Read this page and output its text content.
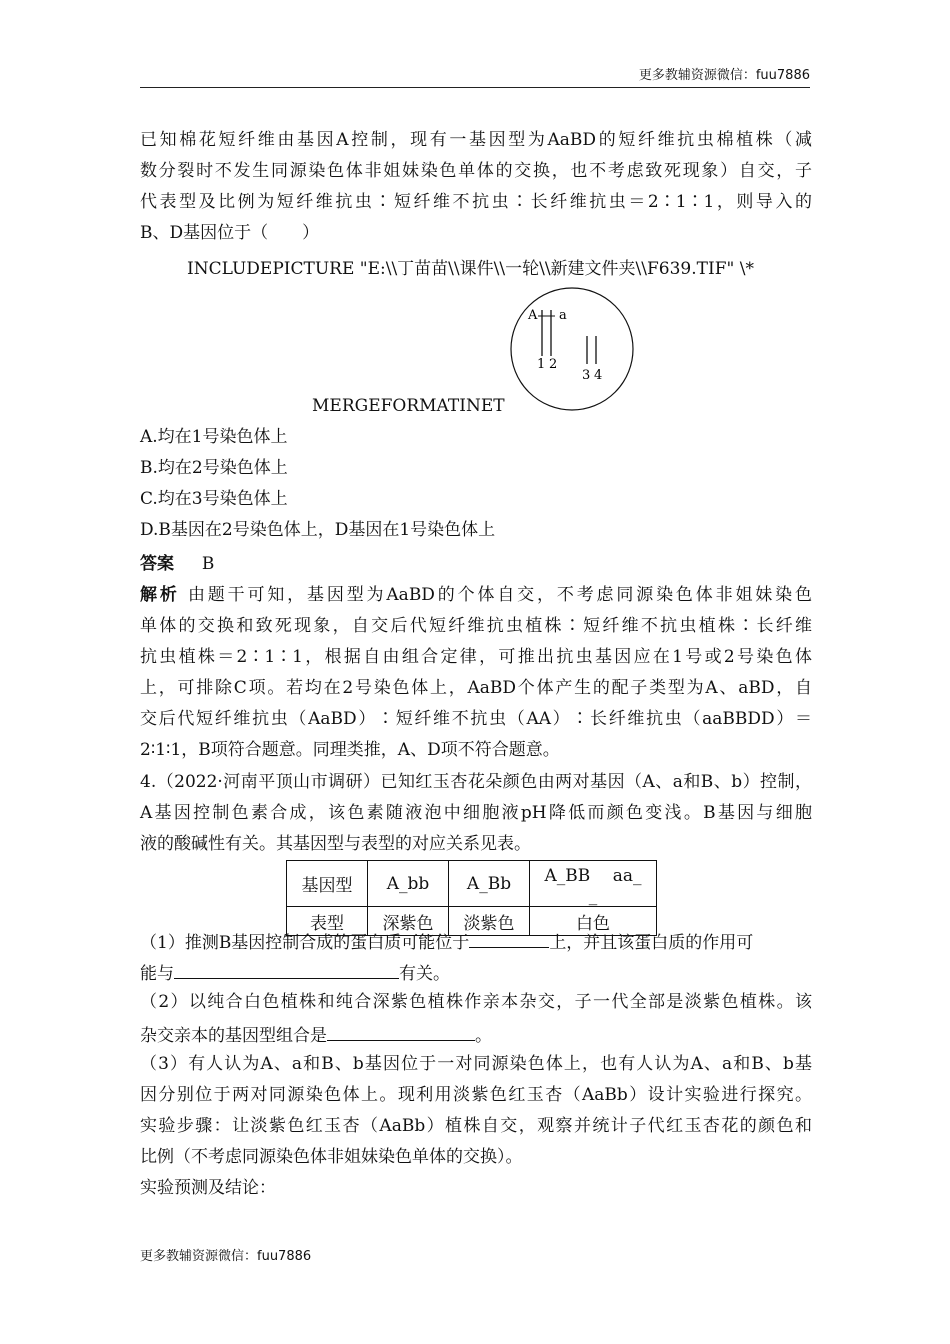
更多教辅资源微信：fuu7886
已知棉花短纤维由基因A控制，现有一基因型为AaBD的短纤维抗虫棉植株（减
数分裂时不发生同源染色体非姐妹染色单体的交换，也不考虑致死现象）自交，子
代表型及比例为短纤维抗虫∶短纤维不抗虫∶长纤维抗虫＝2∶1∶1，则导入的
B、D基因位于（　　）
INCLUDEPICTURE "E:\\丁苗苗\\课件\\一轮\\新建文件夹\\F639.TIF" \*
A a
1 2
3 4
MERGEFORMATINET
A.均在1号染色体上
B.均在2号染色体上
C.均在3号染色体上
D.B基因在2号染色体上，D基因在1号染色体上
答案 B
解析 由题干可知，基因型为AaBD的个体自交，不考虑同源染色体非姐妹染色
单体的交换和致死现象，自交后代短纤维抗虫植株∶短纤维不抗虫植株∶长纤维
抗虫植株＝2∶1∶1，根据自由组合定律，可推出抗虫基因应在1号或2号染色体
上，可排除C项。若均在2号染色体上，AaBD个体产生的配子类型为A、aBD，自
交后代短纤维抗虫（AaBD）∶短纤维不抗虫（AA）∶长纤维抗虫（aaBBDD）＝
2∶1∶1，B项符合题意。同理类推，A、D项不符合题意。
4.（2022·河南平顶山市调研）已知红玉杏花朵颜色由两对基因（A、a和B、b）控制，
A基因控制色素合成，该色素随液泡中细胞液pH降低而颜色变浅。B基因与细胞
液的酸碱性有关。其基因型与表型的对应关系见表。
基因型	A_bb	A_Bb	A_BB　 aa_ _
表型	深紫色	淡紫色	白色
（1）推测B基因控制合成的蛋白质可能位于	上，并且该蛋白质的作用可
能与	有关。
（2）以纯合白色植株和纯合深紫色植株作亲本杂交，子一代全部是淡紫色植株。该
杂交亲本的基因型组合是	。
（3）有人认为A、a和B、b基因位于一对同源染色体上，也有人认为A、a和B、b基
因分别位于两对同源染色体上。现利用淡紫色红玉杏（AaBb）设计实验进行探究。
实验步骤：让淡紫色红玉杏（AaBb）植株自交，观察并统计子代红玉杏花的颜色和
比例（不考虑同源染色体非姐妹染色单体的交换）。
实验预测及结论：
更多教辅资源微信：fuu7886
